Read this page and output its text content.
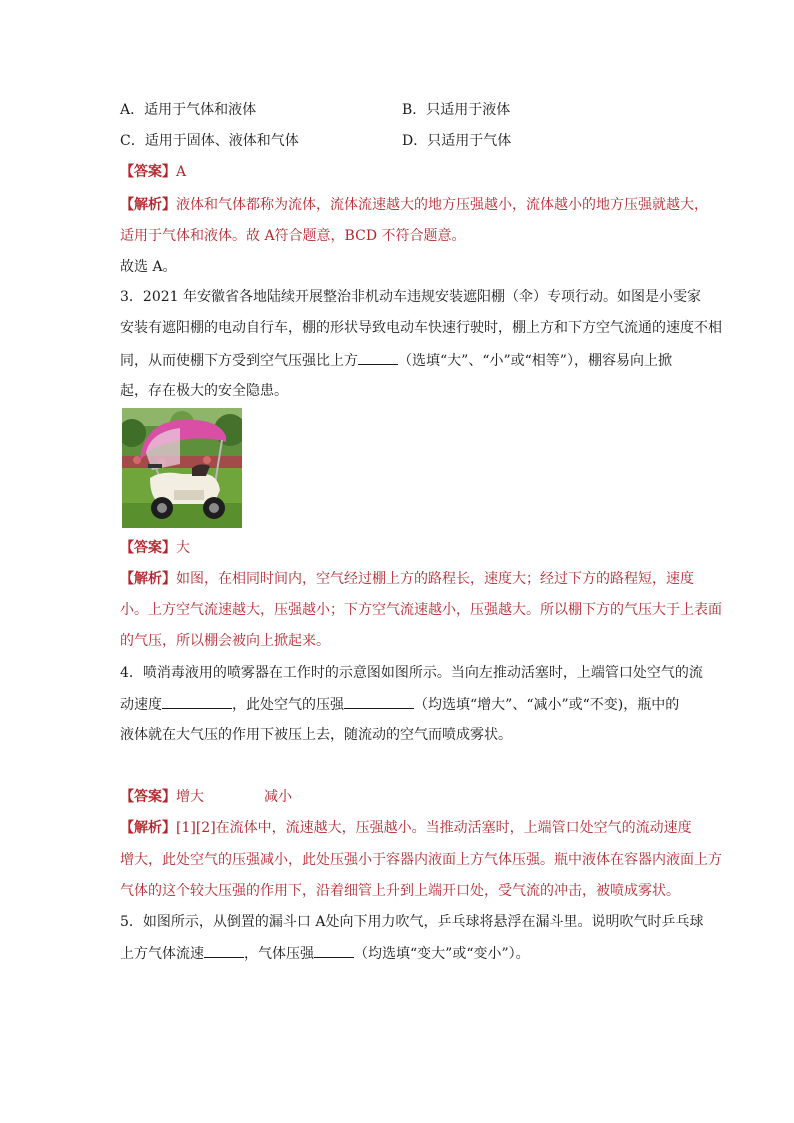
A．适用于气体和液体	B．只适用于液体
C．适用于固体、液体和气体	D．只适用于气体
【答案】A
【解析】液体和气体都称为流体，流体流速越大的地方压强越小，流体越小的地方压强就越大，
适用于气体和液体。故 A符合题意，BCD 不符合题意。
故选 A。
3．2021 年安徽省各地陆续开展整治非机动车违规安装遮阳棚（伞）专项行动。如图是小雯家
安装有遮阳棚的电动自行车，棚的形状导致电动车快速行驶时，棚上方和下方空气流通的速度不相
同，从而使棚下方受到空气压强比上方	（选填“大”、“小”或“相等”），棚容易向上掀
起，存在极大的安全隐患。
【答案】大
【解析】如图，在相同时间内，空气经过棚上方的路程长，速度大；经过下方的路程短，速度
小。上方空气流速越大，压强越小；下方空气流速越小，压强越大。所以棚下方的气压大于上表面
的气压，所以棚会被向上掀起来。
4．喷消毒液用的喷雾器在工作时的示意图如图所示。当向左推动活塞时，上端管口处空气的流
动速度	，此处空气的压强	（均选填“增大”、“减小”或“不变)，瓶中的
液体就在大气压的作用下被压上去，随流动的空气而喷成雾状。
【答案】增大	减小
【解析】[1][2]在流体中，流速越大，压强越小。当推动活塞时，上端管口处空气的流动速度
增大，此处空气的压强减小，此处压强小于容器内液面上方气体压强。瓶中液体在容器内液面上方
气体的这个较大压强的作用下，沿着细管上升到上端开口处，受气流的冲击，被喷成雾状。
5．如图所示，从倒置的漏斗口 A处向下用力吹气，乒乓球将悬浮在漏斗里。说明吹气时乒乓球
上方气体流速	，气体压强	（均选填“变大”或“变小”）。
